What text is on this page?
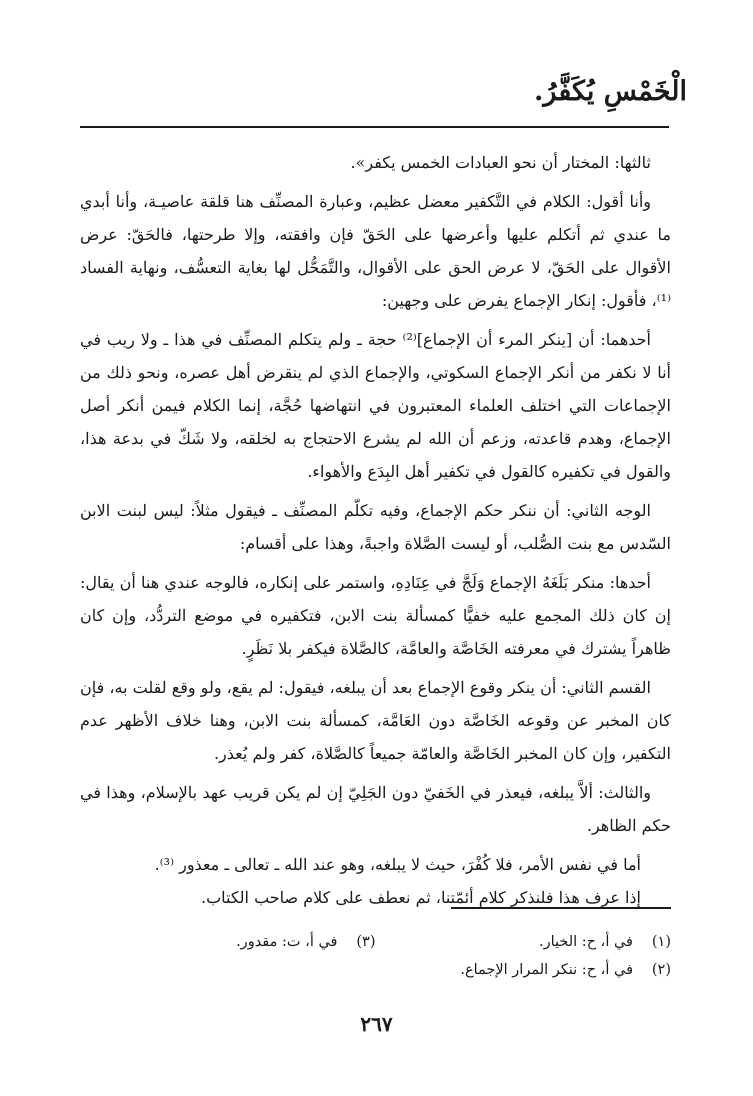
الْخَمْسِ يُكَفَّرُ.

ثالثها: المختار أن نحو العبادات الخمس يكفر».

وأنا أقول: الكلام في التَّكفير معضل عظيم، وعبارة المصنِّف هنا قلقة عاصيـة، وأنا أبدي ما عندي ثم أتكلم عليها وأعرضها على الحَقّ فإن وافقته، وإلا طرحتها، فالحَقّ: عرض الأقوال على الحَقّ، لا عرض الحق على الأقوال، والتَّمَحُّل لها بغاية التعسُّف، ونهاية الفساد ⁽¹⁾، فأقول: إنكار الإجماع يفرض على وجهين:

أحدهما: أن [ينكر المرء أن الإجماع]⁽²⁾ حجة ـ ولم يتكلم المصنِّف في هذا ـ ولا ريب في أنا لا نكفر من أنكر الإجماع السكوتي، والإجماع الذي لم ينقرض أهل عصره، ونحو ذلك من الإجماعات التي اختلف العلماء المعتبرون في انتهاضها حُجَّة، إنما الكلام فيمن أنكر أصل الإجماع، وهدم قاعدته، وزعم أن الله لم يشرع الاحتجاج به لخلقه، ولا شَكّ في بدعة هذا، والقول في تكفيره كالقول في تكفير أهل البِدَع والأهواء.

الوجه الثاني: أن ننكر حكم الإجماع، وفيه تكلّم المصنِّف ـ فيقول مثلاً: ليس لبنت الابن السّدس مع بنت الصُّلب، أو ليست الصَّلاة واجبةً، وهذا على أقسام:

أحدها: منكر بَلَغَهُ الإجماع وَلَجَّ في عِنَادِهِ، واستمر على إنكاره، فالوجه عندي هنا أن يقال: إن كان ذلك المجمع عليه خفيًّا كمسألة بنت الابن، فتكفيره في موضع التردُّد، وإن كان ظاهراً يشترك في معرفته الخَاصَّة والعامَّة، كالصَّلاة فيكفر بلا نَظَرٍ.

القسم الثاني: أن ينكر وقوع الإجماع بعد أن يبلغه، فيقول: لم يقع، ولو وقع لقلت به، فإن كان المخبر عن وقوعه الخَاصَّة دون العَامَّة، كمسألة بنت الابن، وهنا خلاف الأظهر عدم التكفير، وإن كان المخبر الخَاصَّة والعامّة جميعاً كالصَّلاة، كفر ولم يُعذر.

والثالث: ألاَّ يبلغه، فيعذر في الخَفيّ دون الجَلِيّ إن لم يكن قريب عهد بالإسلام، وهذا في حكم الظاهر.

أما في نفس الأمر، فلا كُفْرَ، حيث لا يبلغه، وهو عند الله ـ تعالى ـ معذور ⁽³⁾.

إذا عرف هذا فلنذكر كلام أئمّتنا، ثم نعطف على كلام صاحب الكتاب.

(١)
في أ، ح: الخيار.
(٣)
في أ، ت: مقدور.
(٢)
في أ، ح: ننكر المرار الإجماع.
٢٦٧
